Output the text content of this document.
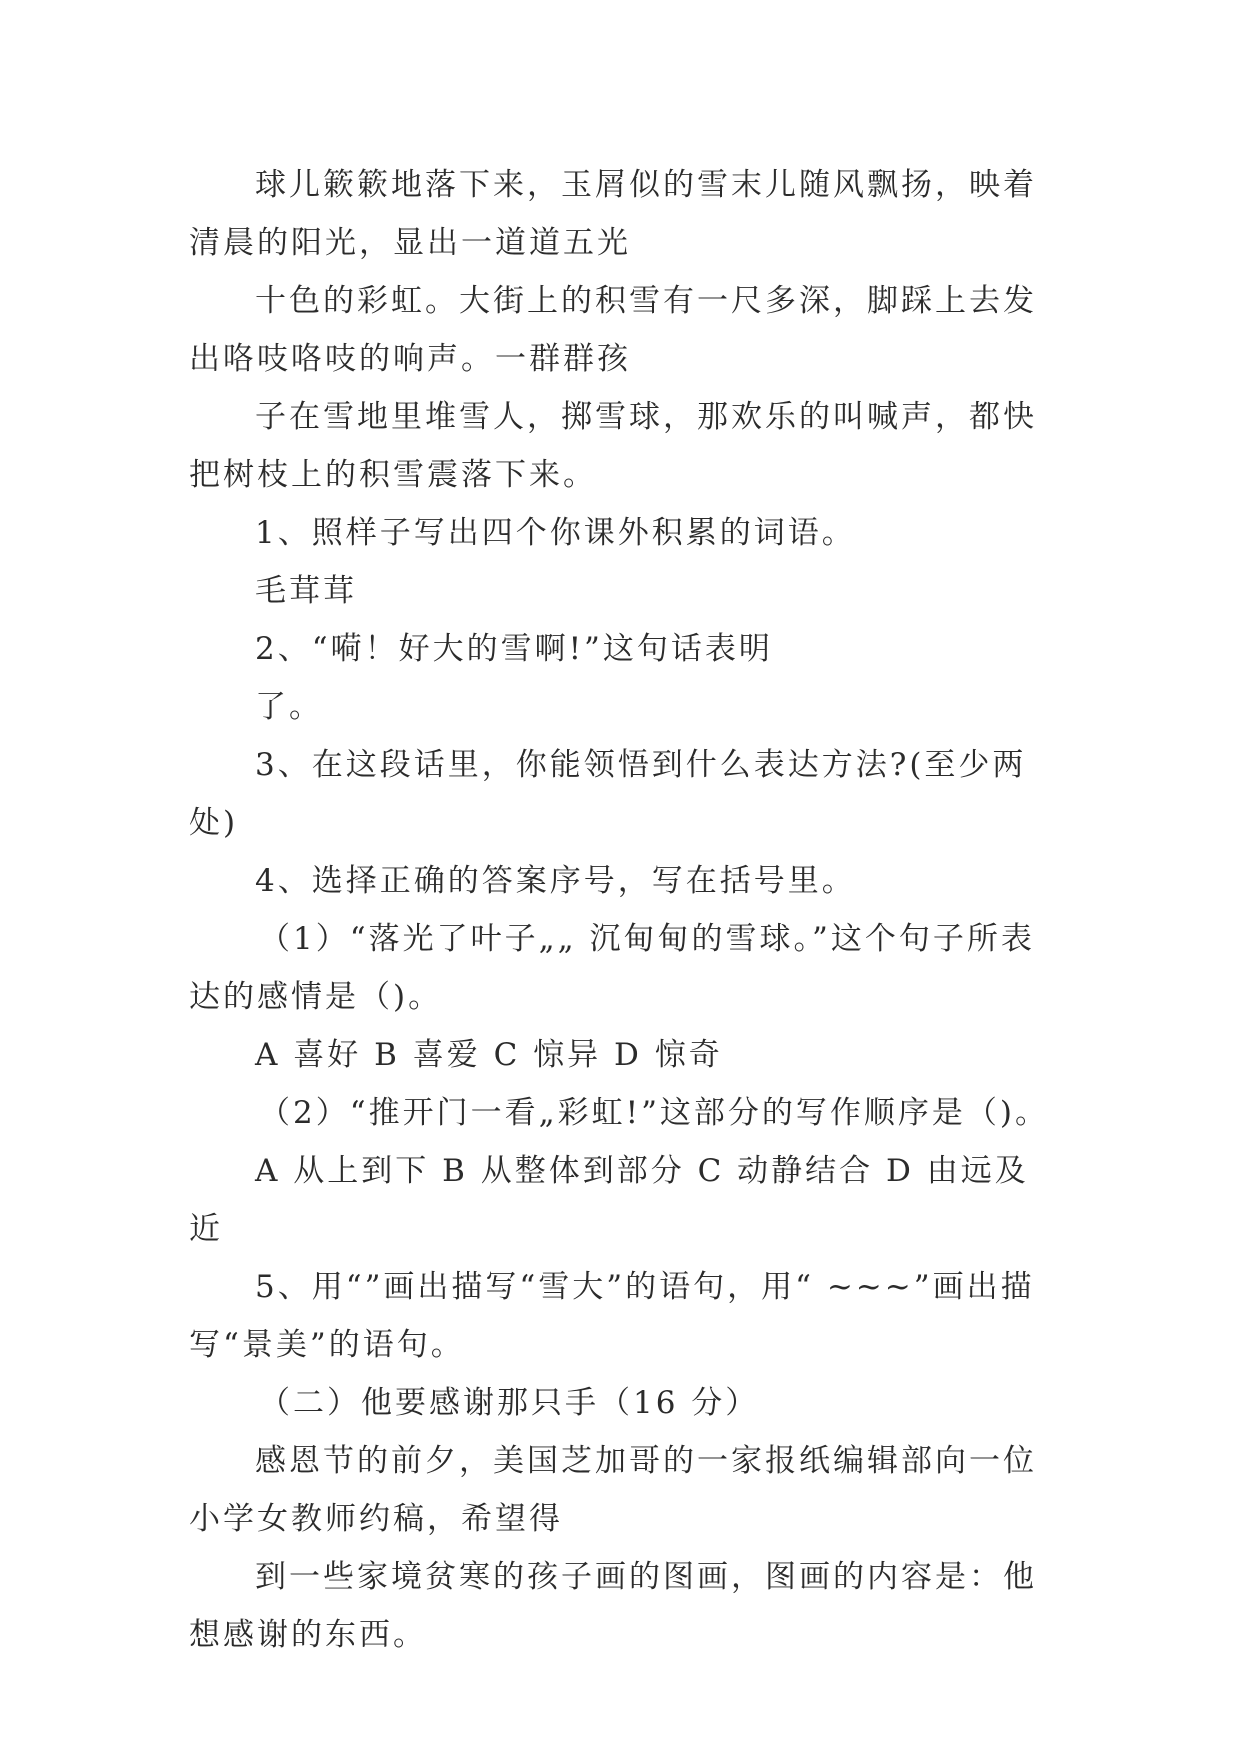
球儿簌簌地落下来，玉屑似的雪末儿随风飘扬，映着清晨的阳光，显出一道道五光

十色的彩虹。大街上的积雪有一尺多深，脚踩上去发出咯吱咯吱的响声。一群群孩

子在雪地里堆雪人，掷雪球，那欢乐的叫喊声，都快把树枝上的积雪震落下来。

1、照样子写出四个你课外积累的词语。

毛茸茸

2、“嗬！好大的雪啊!”这句话表明

了。

3、在这段话里，你能领悟到什么表达方法?(至少两处)

4、选择正确的答案序号，写在括号里。

（1）“落光了叶子„„ 沉甸甸的雪球。”这个句子所表达的感情是（)。

A 喜好 B 喜爱 C 惊异 D 惊奇

（2）“推开门一看„彩虹!”这部分的写作顺序是（)。

A 从上到下 B 从整体到部分 C 动静结合 D 由远及近

5、用“”画出描写“雪大”的语句，用“ ~~~”画出描写“景美”的语句。

（二）他要感谢那只手（16 分）

感恩节的前夕，美国芝加哥的一家报纸编辑部向一位小学女教师约稿，希望得

到一些家境贫寒的孩子画的图画，图画的内容是：他想感谢的东西。
